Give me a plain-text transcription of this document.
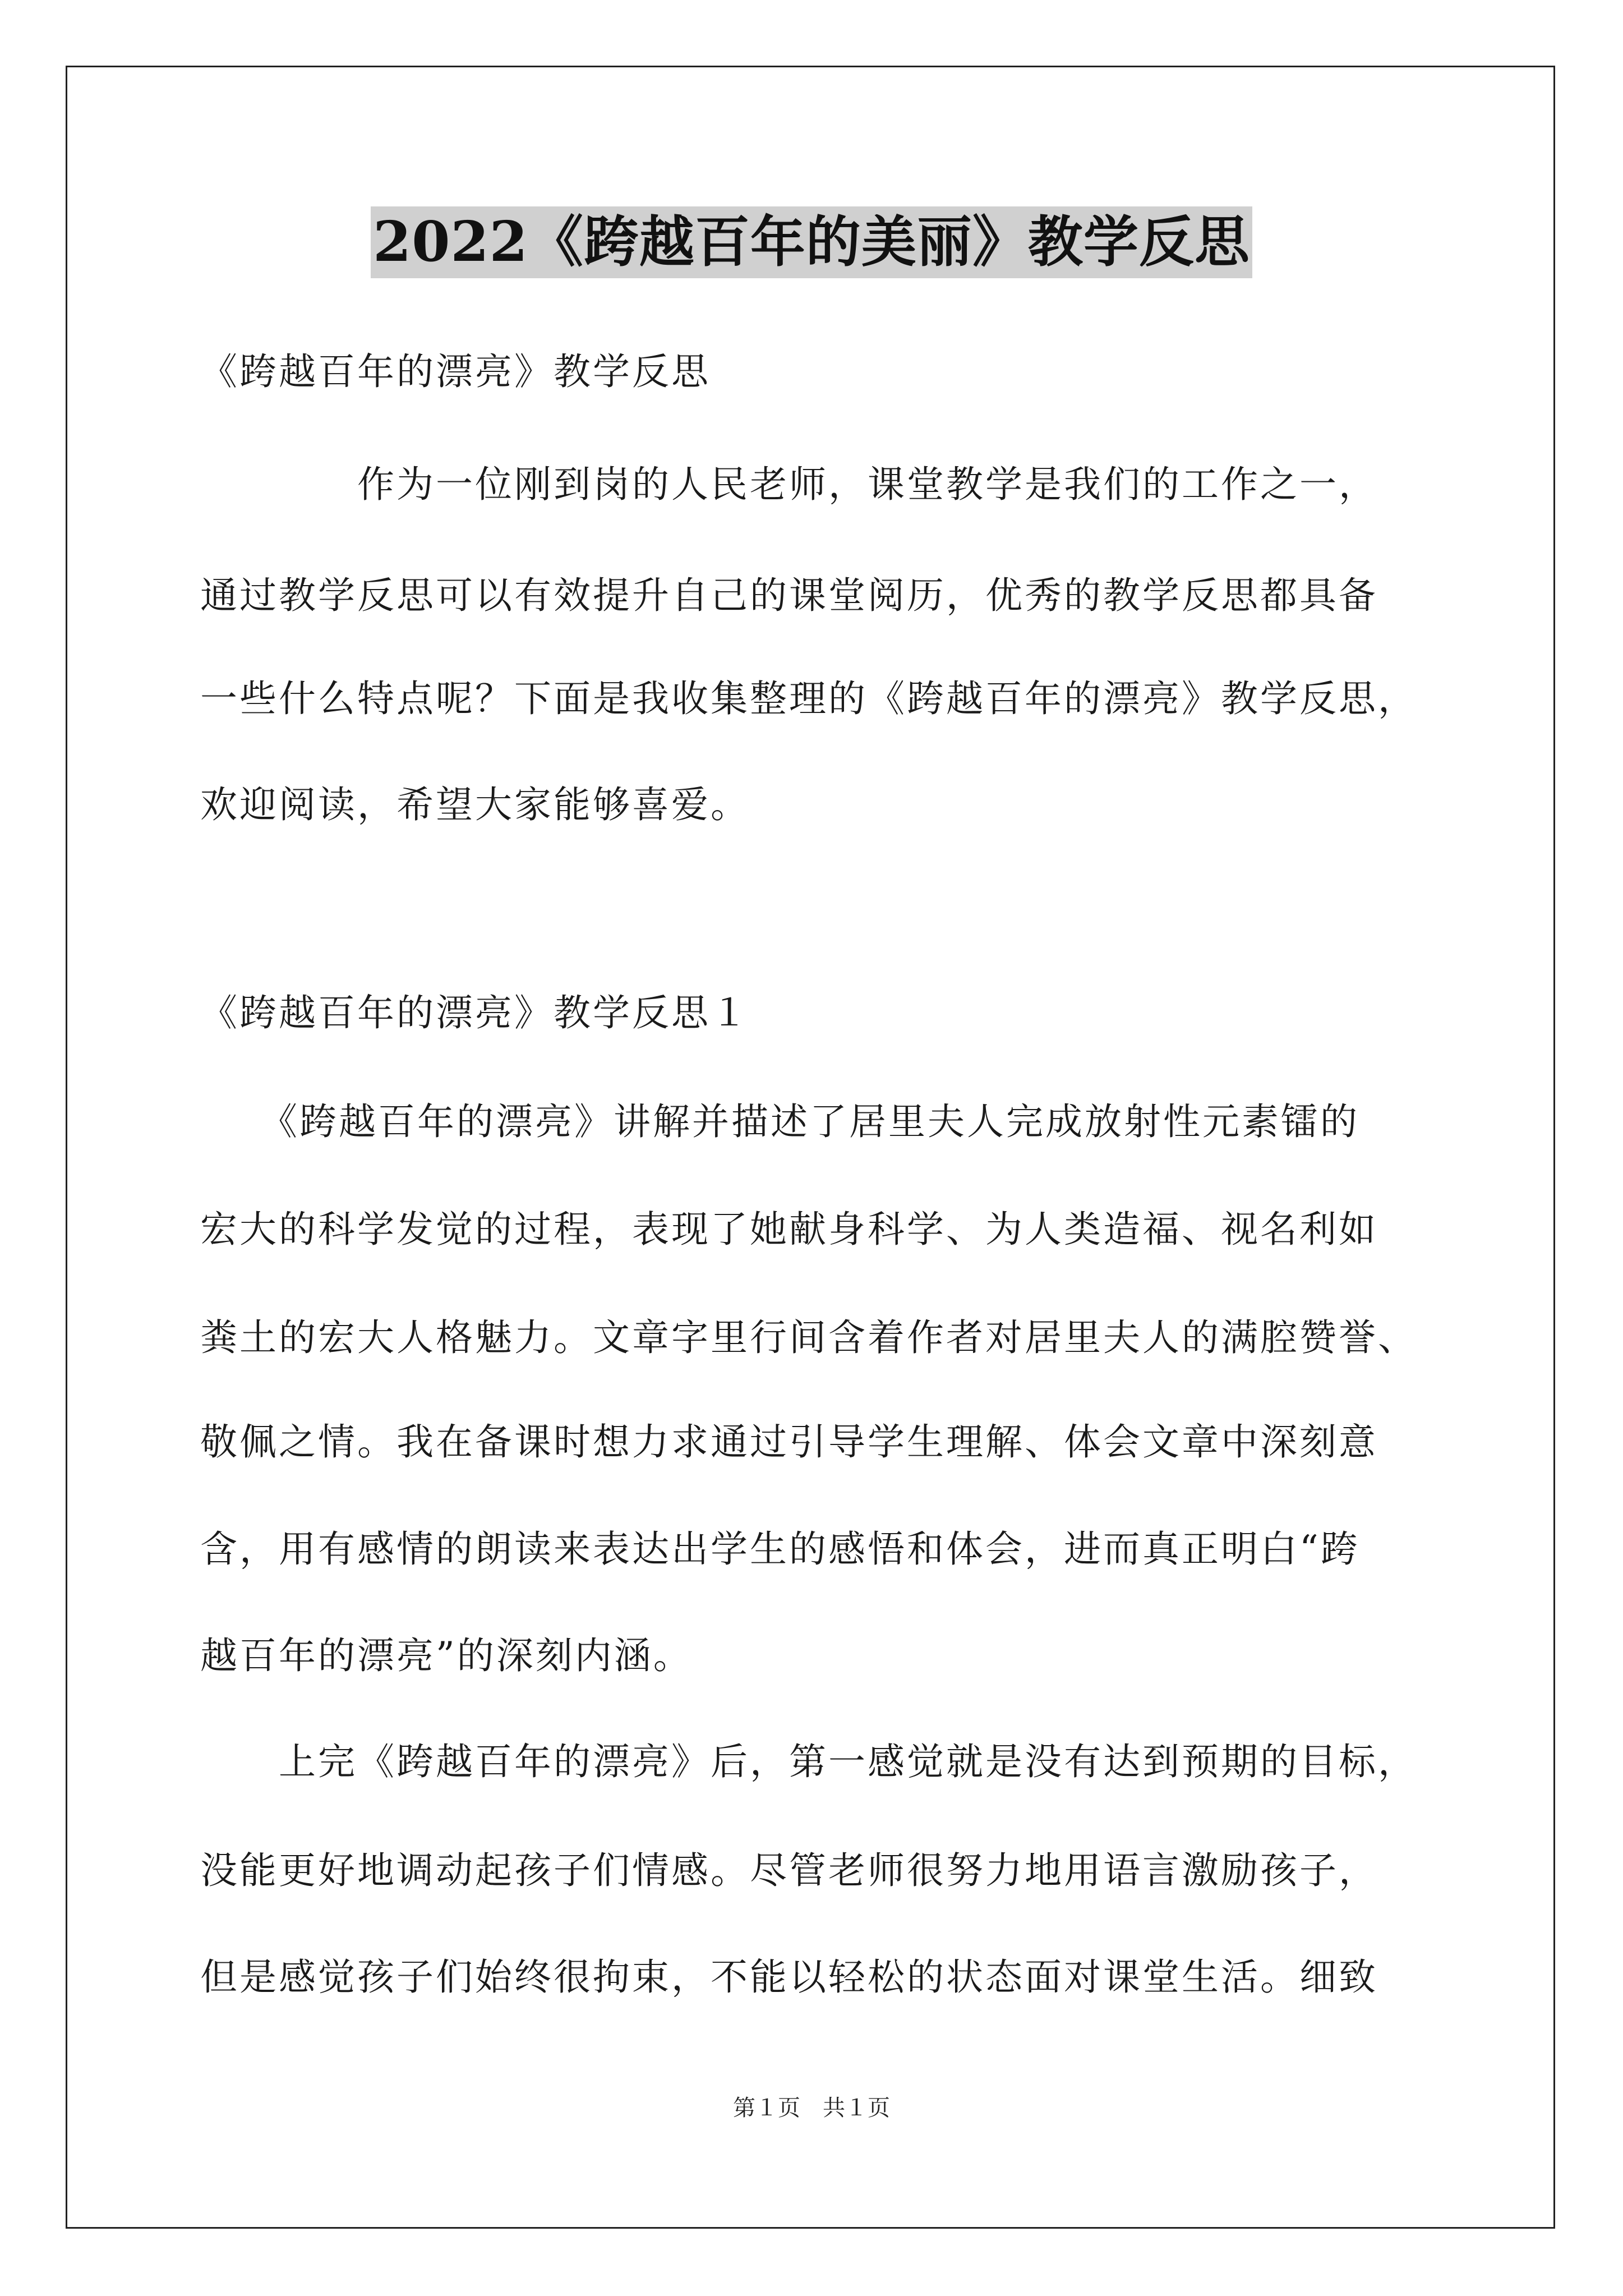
2022《跨越百年的美丽》教学反思
《跨越百年的漂亮》教学反思
　　　　作为一位刚到岗的人民老师，课堂教学是我们的工作之一，
通过教学反思可以有效提升自己的课堂阅历，优秀的教学反思都具备
一些什么特点呢？下面是我收集整理的《跨越百年的漂亮》教学反思，
欢迎阅读，希望大家能够喜爱。
《跨越百年的漂亮》教学反思１
　　《跨越百年的漂亮》讲解并描述了居里夫人完成放射性元素镭的
宏大的科学发觉的过程，表现了她献身科学、为人类造福、视名利如
粪土的宏大人格魅力。文章字里行间含着作者对居里夫人的满腔赞誉、
敬佩之情。我在备课时想力求通过引导学生理解、体会文章中深刻意
含，用有感情的朗读来表达出学生的感悟和体会，进而真正明白“跨
越百年的漂亮”的深刻内涵。
　　上完《跨越百年的漂亮》后，第一感觉就是没有达到预期的目标，
没能更好地调动起孩子们情感。尽管老师很努力地用语言激励孩子，
但是感觉孩子们始终很拘束，不能以轻松的状态面对课堂生活。细致
第１页　共１页
